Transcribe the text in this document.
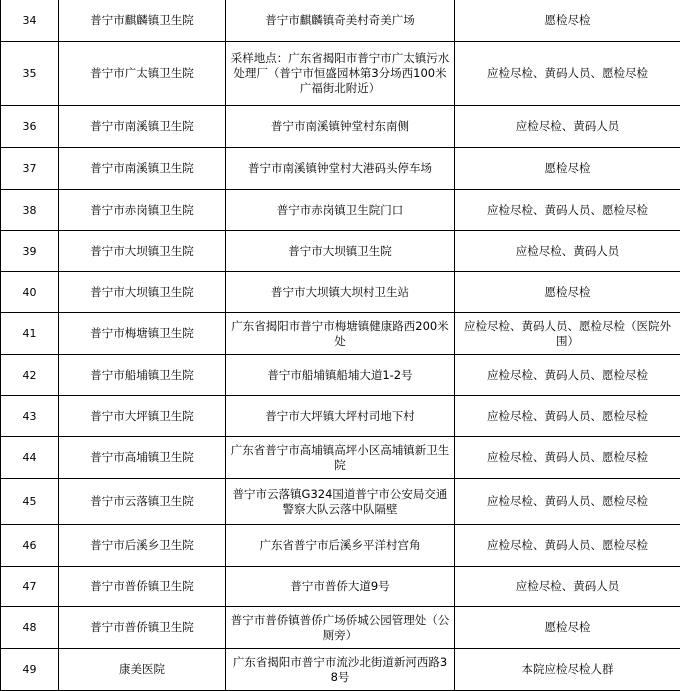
34	普宁市麒麟镇卫生院	普宁市麒麟镇奇美村奇美广场	愿检尽检
35	普宁市广太镇卫生院	采样地点：广东省揭阳市普宁市广太镇污水处理厂（普宁市恒盛园林第3分场西100米广福街北附近）	应检尽检、黄码人员、愿检尽检
36	普宁市南溪镇卫生院	普宁市南溪镇钟堂村东南侧	应检尽检、黄码人员
37	普宁市南溪镇卫生院	普宁市南溪镇钟堂村大港码头停车场	愿检尽检
38	普宁市赤岗镇卫生院	普宁市赤岗镇卫生院门口	应检尽检、黄码人员、愿检尽检
39	普宁市大坝镇卫生院	普宁市大坝镇卫生院	应检尽检、黄码人员
40	普宁市大坝镇卫生院	普宁市大坝镇大坝村卫生站	愿检尽检
41	普宁市梅塘镇卫生院	广东省揭阳市普宁市梅塘镇健康路西200米处	应检尽检、黄码人员、愿检尽检（医院外围）
42	普宁市船埔镇卫生院	普宁市船埔镇船埔大道1-2号	应检尽检、黄码人员、愿检尽检
43	普宁市大坪镇卫生院	普宁市大坪镇大坪村司地下村	应检尽检、黄码人员、愿检尽检
44	普宁市高埔镇卫生院	广东省普宁市高埔镇高坪小区高埔镇新卫生院	应检尽检、黄码人员、愿检尽检
45	普宁市云落镇卫生院	普宁市云落镇G324国道普宁市公安局交通警察大队云落中队隔壁	应检尽检、黄码人员、愿检尽检
46	普宁市后溪乡卫生院	广东省普宁市后溪乡平洋村宫角	应检尽检、黄码人员、愿检尽检
47	普宁市普侨镇卫生院	普宁市普侨大道9号	应检尽检、黄码人员
48	普宁市普侨镇卫生院	普宁市普侨镇普侨广场侨城公园管理处（公厕旁）	愿检尽检
49	康美医院	广东省揭阳市普宁市流沙北街道新河西路38号	本院应检尽检人群
